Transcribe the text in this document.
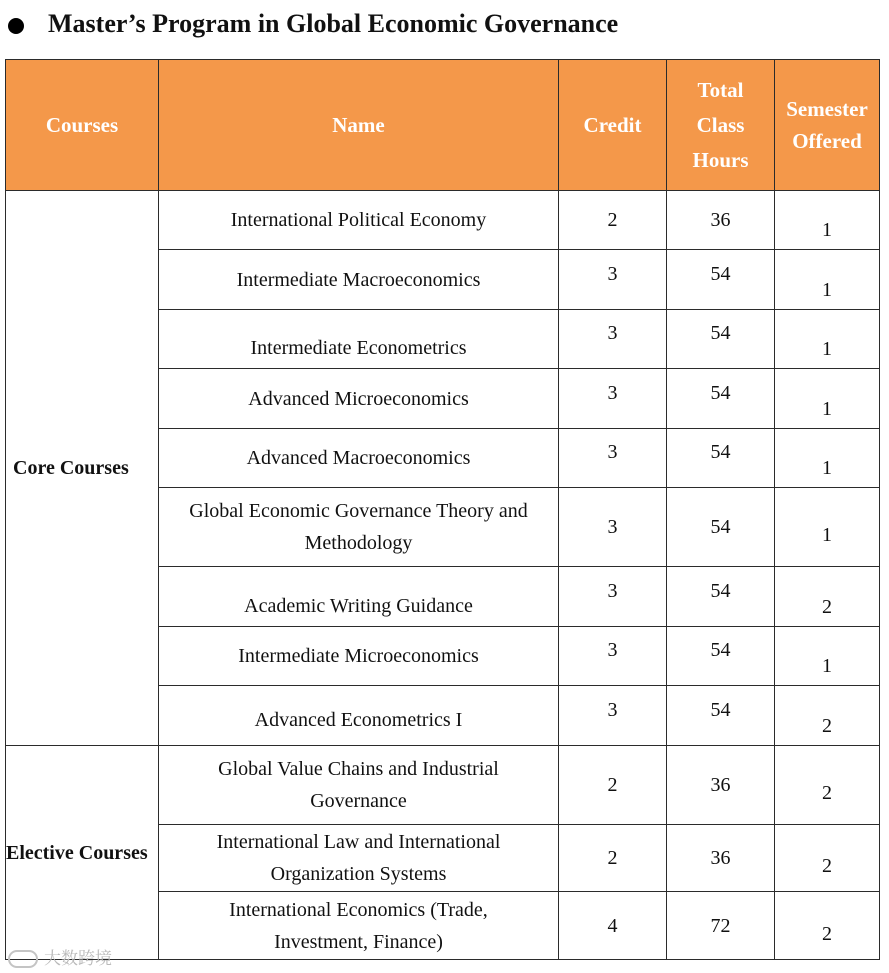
Master’s Program in Global Economic Governance
Courses	Name	Credit	Total Class Hours	Semester Offered
Core Courses	International Political Economy	2	36	1
	Intermediate Macroeconomics	3	54	1
	Intermediate Econometrics	3	54	1
	Advanced Microeconomics	3	54	1
	Advanced Macroeconomics	3	54	1
	Global Economic Governance Theory and Methodology	3	54	1
	Academic Writing Guidance	3	54	2
	Intermediate Microeconomics	3	54	1
	Advanced Econometrics I	3	54	2
Elective Courses	Global Value Chains and Industrial Governance	2	36	2
	International Law and International Organization Systems	2	36	2
	International Economics (Trade, Investment, Finance)	4	72	2
大数跨境
